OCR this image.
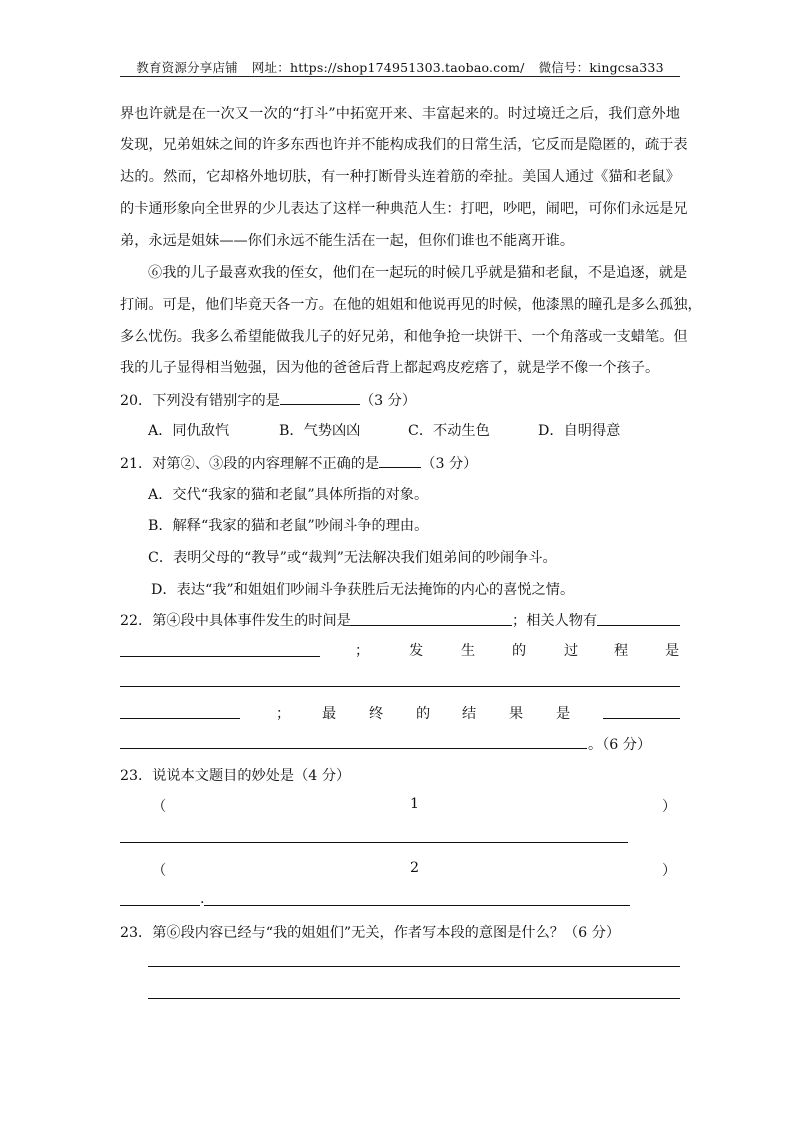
教育资源分享店铺 网址：https://shop174951303.taobao.com/ 微信号：kingcsa333
界也许就是在一次又一次的“打斗”中拓宽开来、丰富起来的。时过境迁之后，我们意外地
发现，兄弟姐妹之间的许多东西也许并不能构成我们的日常生活，它反而是隐匿的，疏于表
达的。然而，它却格外地切肤，有一种打断骨头连着筋的牵扯。美国人通过《猫和老鼠》
的卡通形象向全世界的少儿表达了这样一种典范人生：打吧，吵吧，闹吧，可你们永远是兄
弟，永远是姐妹——你们永远不能生活在一起，但你们谁也不能离开谁。
⑥我的儿子最喜欢我的侄女，他们在一起玩的时候几乎就是猫和老鼠，不是追逐，就是
打闹。可是，他们毕竟天各一方。在他的姐姐和他说再见的时候，他漆黑的瞳孔是多么孤独，
多么忧伤。我多么希望能做我儿子的好兄弟，和他争抢一块饼干、一个角落或一支蜡笔。但
我的儿子显得相当勉强，因为他的爸爸后背上都起鸡皮疙瘩了，就是学不像一个孩子。
20．下列没有错别字的是	（3 分）
A．同仇敌忾	B．气势凶凶	C．不动生色	D．自明得意
21．对第②、③段的内容理解不正确的是	（3 分）
A．交代“我家的猫和老鼠”具体所指的对象。
B．解释“我家的猫和老鼠”吵闹斗争的理由。
C．表明父母的“教导”或“裁判”无法解决我们姐弟间的吵闹争斗。
D．表达“我”和姐姐们吵闹斗争获胜后无法掩饰的内心的喜悦之情。
22．第④段中具体事件发生的时间是	；相关人物有
；	发	生	的	过	程	是
； 最 终 的 结 果 是
。（6 分）
23．说说本文题目的妙处是（4 分）
（	1	）
（	2	）
.
23．第⑥段内容已经与“我的姐姐们”无关，作者写本段的意图是什么？（6 分）
